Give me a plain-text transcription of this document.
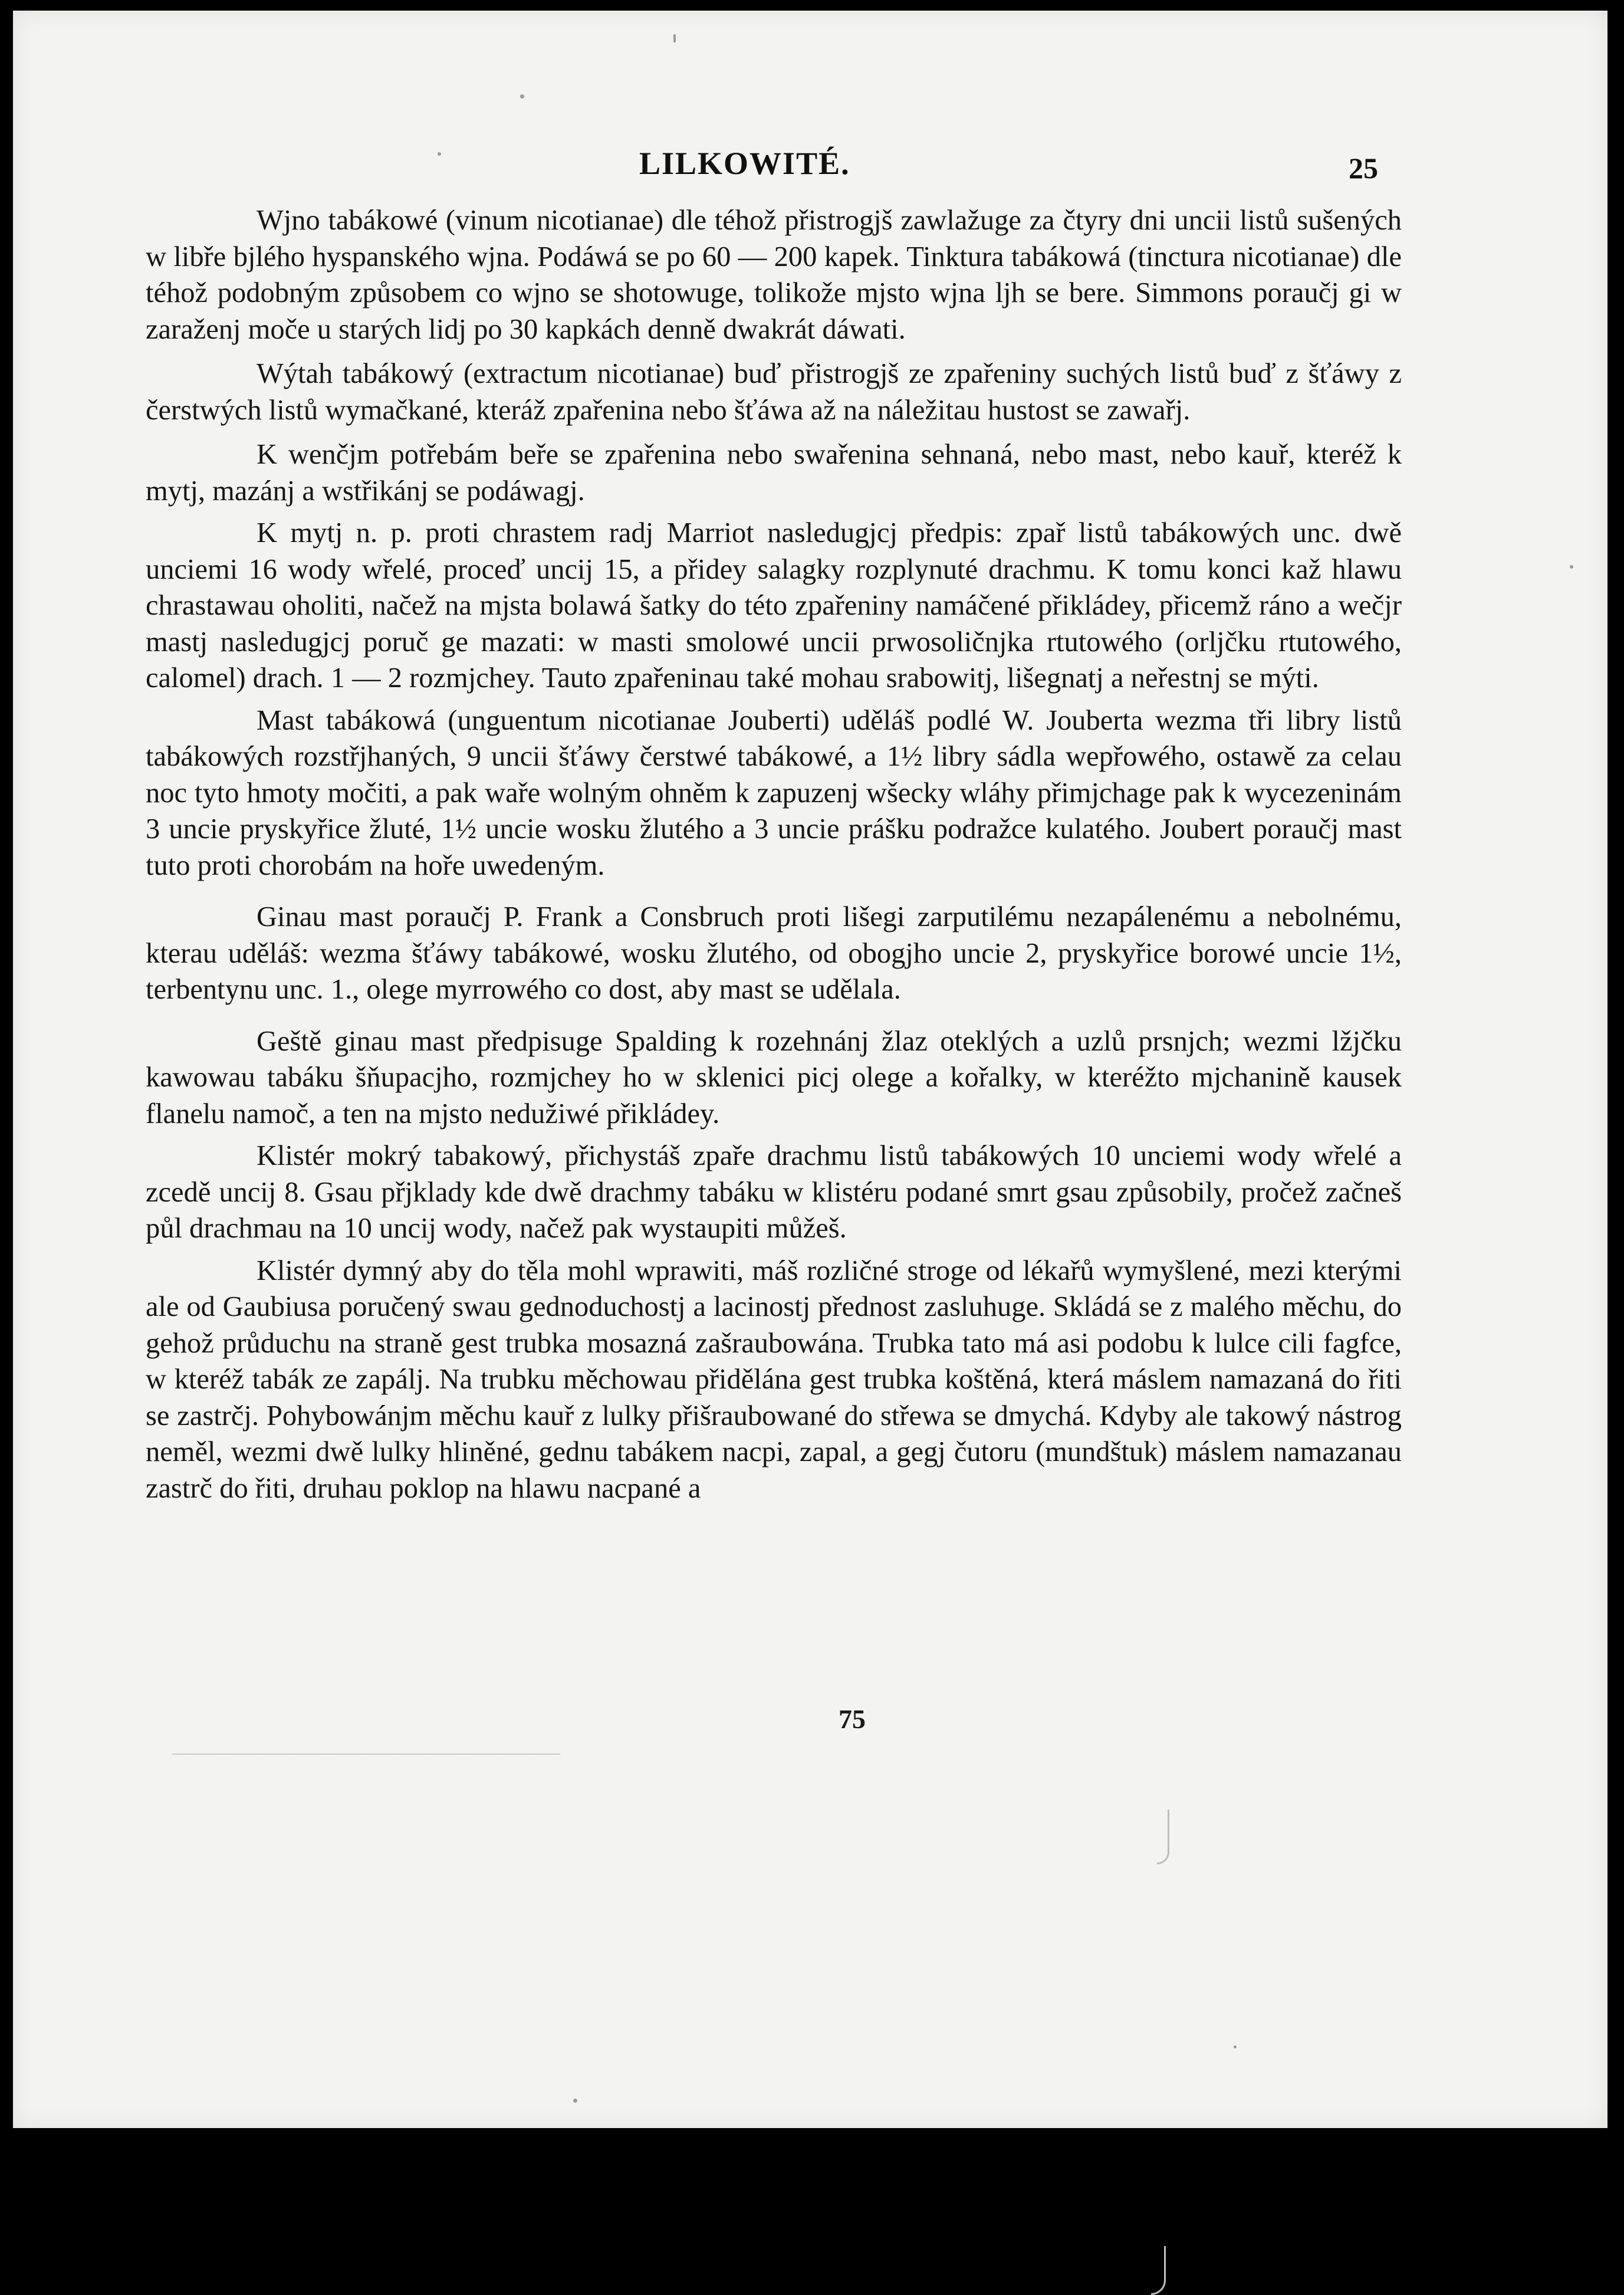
LILKOWITÉ.	25

Wjno tabákowé (vinum nicotianae) dle téhož přistrogjš zawlažuge za čtyry dni uncii listů sušených w libře bjlého hyspanského wjna. Podáwá se po 60 — 200 kapek. Tinktura tabákowá (tinctura nicotianae) dle téhož podobným způsobem co wjno se shotowuge, tolikože mjsto wjna ljh se bere. Simmons poraučj gi w zaraženj moče u starých lidj po 30 kapkách denně dwakrát dáwati.

Wýtah tabákowý (extractum nicotianae) buď přistrogjš ze zpařeniny suchých listů buď z šťáwy z čerstwých listů wymačkané, kteráž zpařenina nebo šťáwa až na náležitau hustost se zawařj.

K wenčjm potřebám beře se zpařenina nebo swařenina sehnaná, nebo mast, nebo kauř, kteréž k mytj, mazánj a wstřikánj se podáwagj.

K mytj n. p. proti chrastem radj Marriot nasledugjcj předpis: zpař listů tabákowých unc. dwě unciemi 16 wody wřelé, proceď uncij 15, a přidey salagky rozplynuté drachmu. K tomu konci kaž hlawu chrastawau oholiti, načež na mjsta bolawá šatky do této zpařeniny namáčené přikládey, přicemž ráno a wečjr mastj nasledugjcj poruč ge mazati: w masti smolowé uncii prwosoličnjka rtutowého (orljčku rtutowého, calomel) drach. 1 — 2 rozmjchey. Tauto zpařeninau také mohau srabowitj, lišegnatj a neřestnj se mýti.

Mast tabákowá (unguentum nicotianae Jouberti) uděláš podlé W. Jouberta wezma tři libry listů tabákowých rozstřjhaných, 9 uncii šťáwy čerstwé tabákowé, a 1½ libry sádla wepřowého, ostawě za celau noc tyto hmoty močiti, a pak waře wolným ohněm k zapuzenj wšecky wláhy přimjchage pak k wycezeninám 3 uncie pryskyřice žluté, 1½ uncie wosku žlutého a 3 uncie prášku podražce kulatého. Joubert poraučj mast tuto proti chorobám na hoře uwedeným.

Ginau mast poraučj P. Frank a Consbruch proti lišegi zarputilému nezapálenému a nebolnému, kterau uděláš: wezma šťáwy tabákowé, wosku žlutého, od obogjho uncie 2, pryskyřice borowé uncie 1½, terbentynu unc. 1., olege myrrowého co dost, aby mast se udělala.

Geště ginau mast předpisuge Spalding k rozehnánj žlaz oteklých a uzlů prsnjch; wezmi lžjčku kawowau tabáku šňupacjho, rozmjchey ho w sklenici picj olege a kořalky, w kteréžto mjchanině kausek flanelu namoč, a ten na mjsto nedužiwé přikládey.

Klistér mokrý tabakowý, přichystáš zpaře drachmu listů tabákowých 10 unciemi wody wřelé a zcedě uncij 8. Gsau přjklady kde dwě drachmy tabáku w klistéru podané smrt gsau způsobily, pročež začneš půl drachmau na 10 uncij wody, načež pak wystaupiti můžeš.

Klistér dymný aby do těla mohl wprawiti, máš rozličné stroge od lékařů wymyšlené, mezi kterými ale od Gaubiusa poručený swau gednoduchostj a lacinostj přednost zasluhuge. Skládá se z malého měchu, do gehož průduchu na straně gest trubka mosazná zašraubowána. Trubka tato má asi podobu k lulce cili fagfce, w kteréž tabák ze zapálj. Na trubku měchowau přidělána gest trubka koštěná, která máslem namazaná do řiti se zastrčj. Pohybowánjm měchu kauř z lulky přišraubowané do střewa se dmychá. Kdyby ale takowý nástrog neměl, wezmi dwě lulky hliněné, gednu tabákem nacpi, zapal, a gegj čutoru (mundštuk) máslem namazanau zastrč do řiti, druhau poklop na hlawu nacpané a

75
̶ ̶ ̶ ̶ ̶ ̶ ̶ ̶ ̶ ̶ ̶ ̶ ̶ ̶ ̶ ̶ ̶ ̶ ̶ ̶ ̶ ̶ ̶ ̶ ̶ ̶ ̶ ̶ ̶ ̶ ̶ ̶ ̶ ̶ ̶ ̶ ̶ ̶ ̶ ̶ ̶ ̶ ̶ ̶ ̶ ̶ ̶ ̶ ̶ ̶ ̶ ̶ ̶ ̶ ̶ ̶ ̶ ̶ ̶ ̶
